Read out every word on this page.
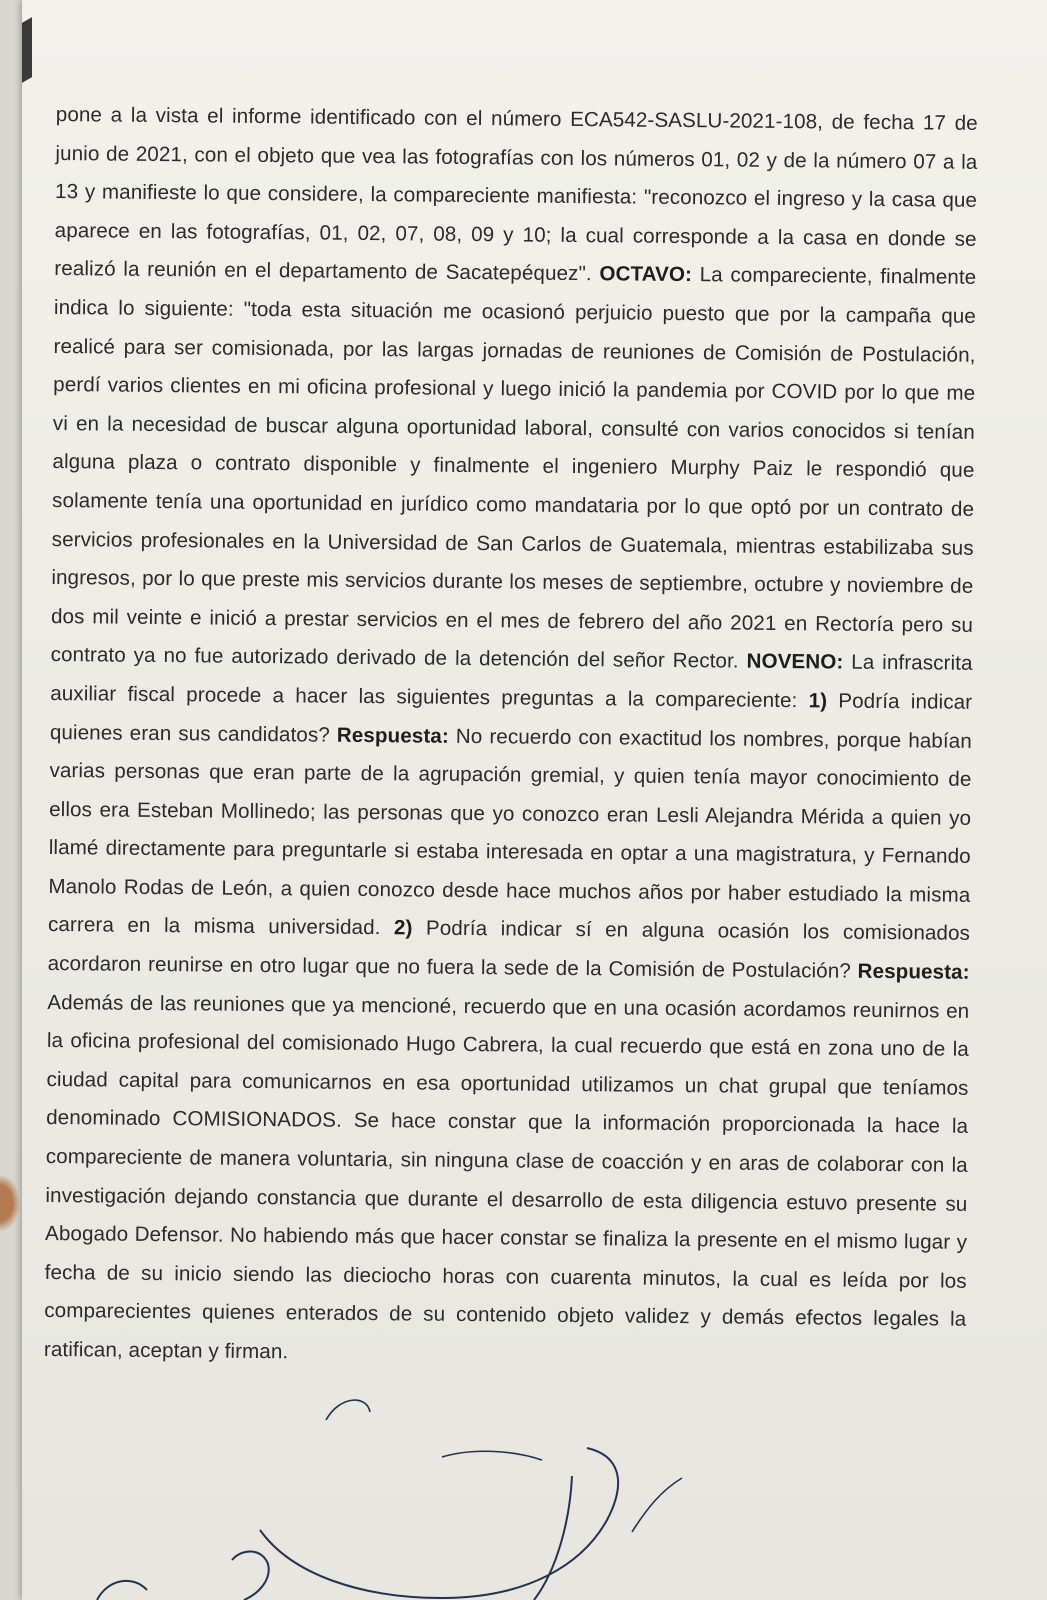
pone a la vista el informe identificado con el número ECA542-SASLU-2021-108, de fecha 17 de junio de 2021, con el objeto que vea las fotografías con los números 01, 02 y de la número 07 a la 13 y manifieste lo que considere, la compareciente manifiesta: "reconozco el ingreso y la casa que aparece en las fotografías, 01, 02, 07, 08, 09 y 10; la cual corresponde a la casa en donde se realizó la reunión en el departamento de Sacatepéquez". OCTAVO: La compareciente, finalmente indica lo siguiente: "toda esta situación me ocasionó perjuicio puesto que por la campaña que realicé para ser comisionada, por las largas jornadas de reuniones de Comisión de Postulación, perdí varios clientes en mi oficina profesional y luego inició la pandemia por COVID por lo que me vi en la necesidad de buscar alguna oportunidad laboral, consulté con varios conocidos si tenían alguna plaza o contrato disponible y finalmente el ingeniero Murphy Paiz le respondió que solamente tenía una oportunidad en jurídico como mandataria por lo que optó por un contrato de servicios profesionales en la Universidad de San Carlos de Guatemala, mientras estabilizaba sus ingresos, por lo que preste mis servicios durante los meses de septiembre, octubre y noviembre de dos mil veinte e inició a prestar servicios en el mes de febrero del año 2021 en Rectoría pero su contrato ya no fue autorizado derivado de la detención del señor Rector. NOVENO: La infrascrita auxiliar fiscal procede a hacer las siguientes preguntas a la compareciente: 1) Podría indicar quienes eran sus candidatos? Respuesta: No recuerdo con exactitud los nombres, porque habían varias personas que eran parte de la agrupación gremial, y quien tenía mayor conocimiento de ellos era Esteban Mollinedo; las personas que yo conozco eran Lesli Alejandra Mérida a quien yo llamé directamente para preguntarle si estaba interesada en optar a una magistratura, y Fernando Manolo Rodas de León, a quien conozco desde hace muchos años por haber estudiado la misma carrera en la misma universidad. 2) Podría indicar sí en alguna ocasión los comisionados acordaron reunirse en otro lugar que no fuera la sede de la Comisión de Postulación? Respuesta: Además de las reuniones que ya mencioné, recuerdo que en una ocasión acordamos reunirnos en la oficina profesional del comisionado Hugo Cabrera, la cual recuerdo que está en zona uno de la ciudad capital para comunicarnos en esa oportunidad utilizamos un chat grupal que teníamos denominado COMISIONADOS. Se hace constar que la información proporcionada la hace la compareciente de manera voluntaria, sin ninguna clase de coacción y en aras de colaborar con la investigación dejando constancia que durante el desarrollo de esta diligencia estuvo presente su Abogado Defensor. No habiendo más que hacer constar se finaliza la presente en el mismo lugar y fecha de su inicio siendo las dieciocho horas con cuarenta minutos, la cual es leída por los comparecientes quienes enterados de su contenido objeto validez y demás efectos legales la ratifican, aceptan y firman.
